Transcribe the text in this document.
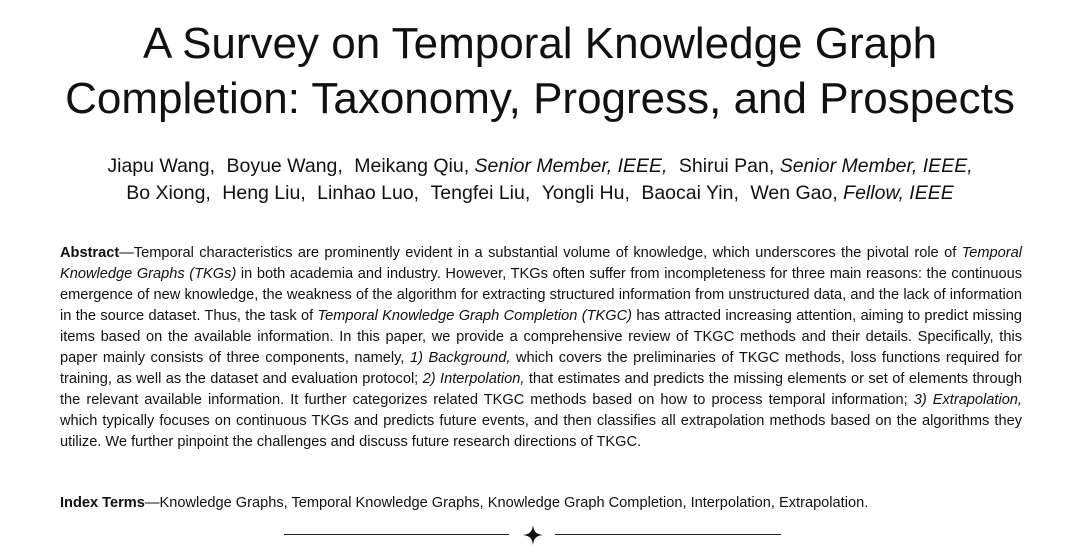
A Survey on Temporal Knowledge Graph
Completion: Taxonomy, Progress, and Prospects
Jiapu Wang, Boyue Wang, Meikang Qiu, Senior Member, IEEE, Shirui Pan, Senior Member, IEEE,
Bo Xiong, Heng Liu, Linhao Luo, Tengfei Liu, Yongli Hu, Baocai Yin, Wen Gao, Fellow, IEEE
Abstract—Temporal characteristics are prominently evident in a substantial volume of knowledge, which underscores the pivotal role of Temporal Knowledge Graphs (TKGs) in both academia and industry. However, TKGs often suffer from incompleteness for three main reasons: the continuous emergence of new knowledge, the weakness of the algorithm for extracting structured information from unstructured data, and the lack of information in the source dataset. Thus, the task of Temporal Knowledge Graph Completion (TKGC) has attracted increasing attention, aiming to predict missing items based on the available information. In this paper, we provide a comprehensive review of TKGC methods and their details. Specifically, this paper mainly consists of three components, namely, 1) Background, which covers the preliminaries of TKGC methods, loss functions required for training, as well as the dataset and evaluation protocol; 2) Interpolation, that estimates and predicts the missing elements or set of elements through the relevant available information. It further categorizes related TKGC methods based on how to process temporal information; 3) Extrapolation, which typically focuses on continuous TKGs and predicts future events, and then classifies all extrapolation methods based on the algorithms they utilize. We further pinpoint the challenges and discuss future research directions of TKGC.
Index Terms—Knowledge Graphs, Temporal Knowledge Graphs, Knowledge Graph Completion, Interpolation, Extrapolation.
